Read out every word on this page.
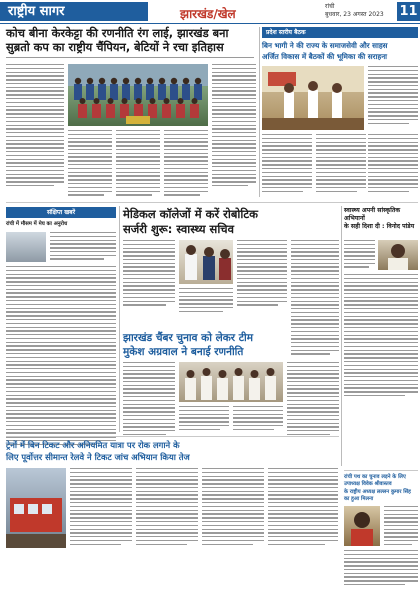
राष्ट्रीय सागर	झारखंड/खेल
रांची
बुधवार, 23 अगस्त 2023	11
कोच बीना केरकेट्टा की रणनीति रंग लाई, झारखंड बना
सुब्रतो कप का राष्ट्रीय चैंपियन, बेटियों ने रचा इतिहास
प्रदेश स्तरीय बैठक
बिन भागी ने की राज्य के समाजसेवी और साहस
अर्जित विकास में बैठकों की भूमिका की सराहना
संक्षिप्त खबरें
रांची में मौसम में मेघ का अनुरोध
मेडिकल कॉलेजों में करें रोबोटिक
सर्जरी शुरू: स्वास्थ्य सचिव
स्वास्थ्य अपनी सांस्कृतिक अभियानों
के सही दिशा दी : विनोद पांडेय
झारखंड चैंबर चुनाव को लेकर टीम
मुकेश अग्रवाल ने बनाई रणनीति
ट्रेनों में बिन टिकट और अनियमित यात्रा पर रोक लगाने के
लिए पूर्वोत्तर सीमान्त रेलवे ने टिकट जांच अभियान किया तेज
रांची पथ का चुनाव लड़ने के लिए उपाध्यक्ष विवेक श्रीवास्तव
के राष्ट्रीय अध्यक्ष लल्लन कुमार सिंह का हुआ मिलना
